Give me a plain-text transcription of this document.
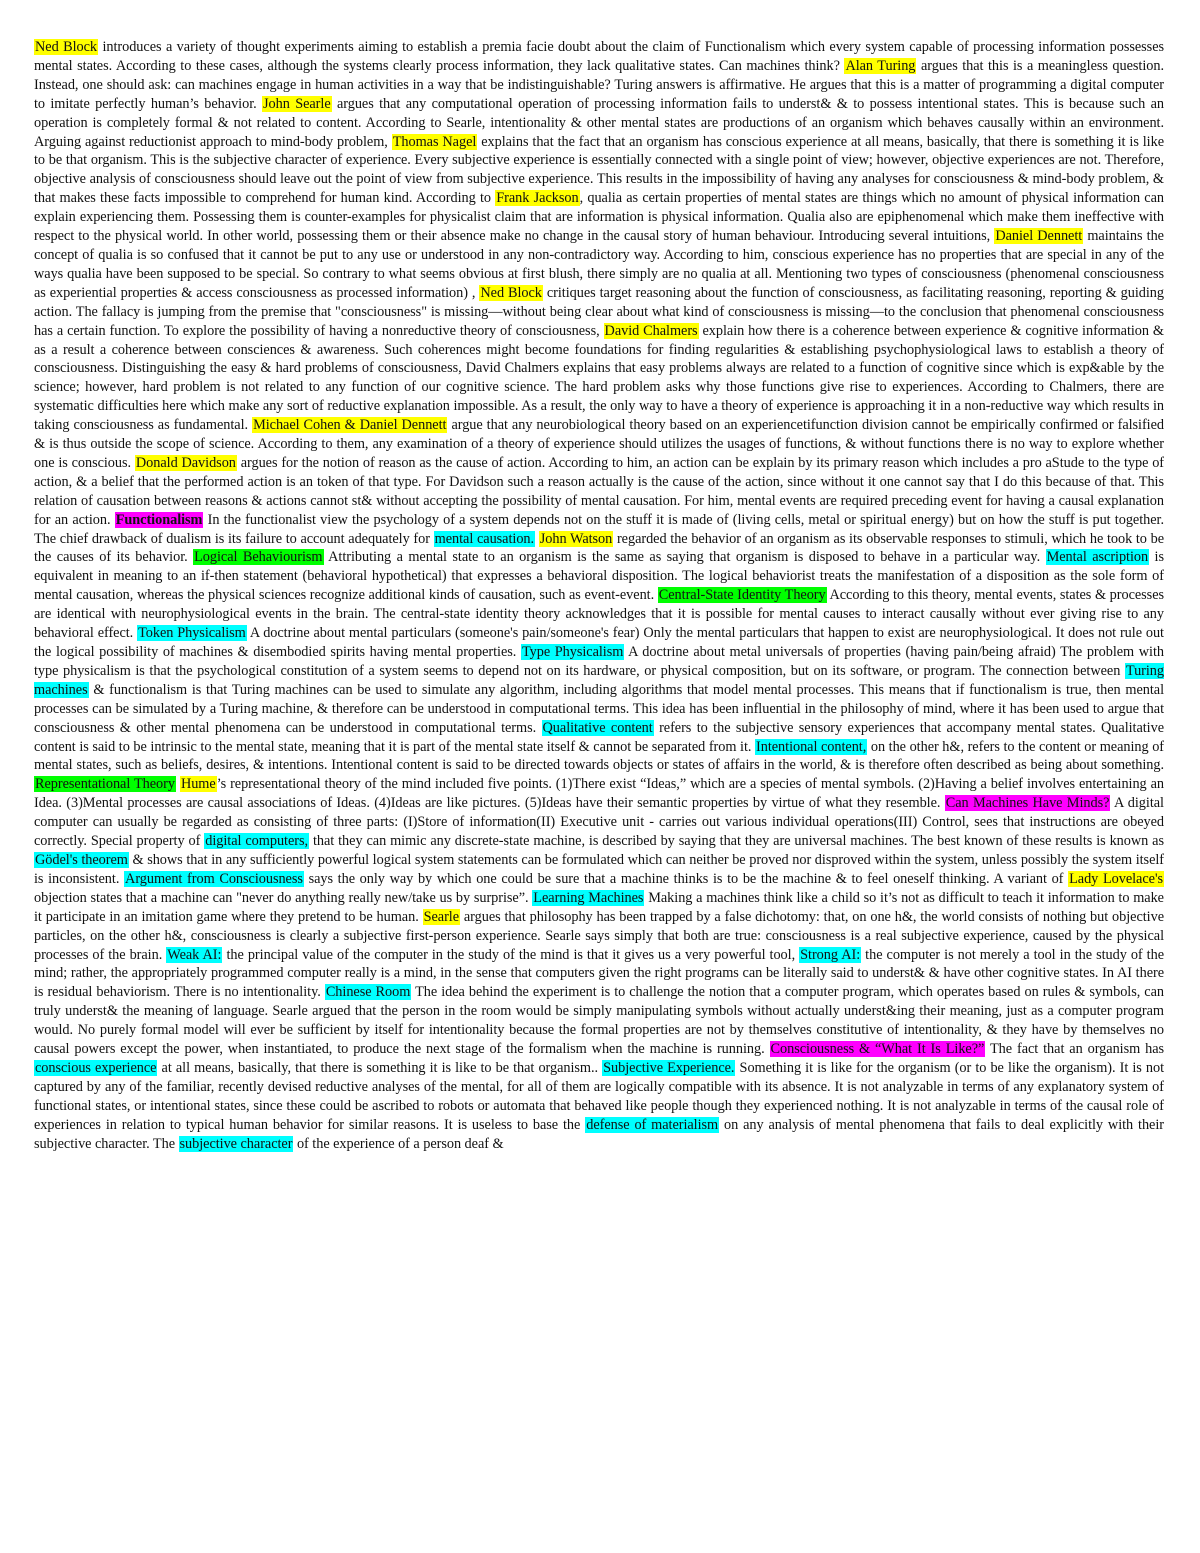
Ned Block introduces a variety of thought experiments aiming to establish a premia facie doubt about the claim of Functionalism which every system capable of processing information possesses mental states. According to these cases, although the systems clearly process information, they lack qualitative states. Can machines think? Alan Turing argues that this is a meaningless question. Instead, one should ask: can machines engage in human activities in a way that be indistinguishable? Turing answers is affirmative. He argues that this is a matter of programming a digital computer to imitate perfectly human’s behavior. John Searle argues that any computational operation of processing information fails to underst& & to possess intentional states. This is because such an operation is completely formal & not related to content. According to Searle, intentionality & other mental states are productions of an organism which behaves causally within an environment. Arguing against reductionist approach to mind-body problem, Thomas Nagel explains that the fact that an organism has conscious experience at all means, basically, that there is something it is like to be that organism. This is the subjective character of experience. Every subjective experience is essentially connected with a single point of view; however, objective experiences are not. Therefore, objective analysis of consciousness should leave out the point of view from subjective experience. This results in the impossibility of having any analyses for consciousness & mind-body problem, & that makes these facts impossible to comprehend for human kind. According to Frank Jackson, qualia as certain properties of mental states are things which no amount of physical information can explain experiencing them. Possessing them is counter-examples for physicalist claim that are information is physical information. Qualia also are epiphenomenal which make them ineffective with respect to the physical world. In other world, possessing them or their absence make no change in the causal story of human behaviour. Introducing several intuitions, Daniel Dennett maintains the concept of qualia is so confused that it cannot be put to any use or understood in any non-contradictory way. According to him, conscious experience has no properties that are special in any of the ways qualia have been supposed to be special. So contrary to what seems obvious at first blush, there simply are no qualia at all. Mentioning two types of consciousness (phenomenal consciousness as experiential properties & access consciousness as processed information) , Ned Block critiques target reasoning about the function of consciousness, as facilitating reasoning, reporting & guiding action. The fallacy is jumping from the premise that "consciousness" is missing—without being clear about what kind of consciousness is missing—to the conclusion that phenomenal consciousness has a certain function. To explore the possibility of having a nonreductive theory of consciousness, David Chalmers explain how there is a coherence between experience & cognitive information & as a result a coherence between consciences & awareness. Such coherences might become foundations for finding regularities & establishing psychophysiological laws to establish a theory of consciousness. Distinguishing the easy & hard problems of consciousness, David Chalmers explains that easy problems always are related to a function of cognitive since which is exp&able by the science; however, hard problem is not related to any function of our cognitive science. The hard problem asks why those functions give rise to experiences. According to Chalmers, there are systematic difficulties here which make any sort of reductive explanation impossible. As a result, the only way to have a theory of experience is approaching it in a non-reductive way which results in taking consciousness as fundamental. Michael Cohen & Daniel Dennett argue that any neurobiological theory based on an experiencetifunction division cannot be empirically confirmed or falsified & is thus outside the scope of science. According to them, any examination of a theory of experience should utilizes the usages of functions, & without functions there is no way to explore whether one is conscious. Donald Davidson argues for the notion of reason as the cause of action. According to him, an action can be explain by its primary reason which includes a pro aStude to the type of action, & a belief that the performed action is an token of that type. For Davidson such a reason actually is the cause of the action, since without it one cannot say that I do this because of that. This relation of causation between reasons & actions cannot st& without accepting the possibility of mental causation. For him, mental events are required preceding event for having a causal explanation for an action. Functionalism In the functionalist view the psychology of a system depends not on the stuff it is made of (living cells, metal or spiritual energy) but on how the stuff is put together. The chief drawback of dualism is its failure to account adequately for mental causation. John Watson regarded the behavior of an organism as its observable responses to stimuli, which he took to be the causes of its behavior. Logical Behaviourism Attributing a mental state to an organism is the same as saying that organism is disposed to behave in a particular way. Mental ascription is equivalent in meaning to an if-then statement (behavioral hypothetical) that expresses a behavioral disposition. The logical behaviorist treats the manifestation of a disposition as the sole form of mental causation, whereas the physical sciences recognize additional kinds of causation, such as event-event. Central-State Identity Theory According to this theory, mental events, states & processes are identical with neurophysiological events in the brain. The central-state identity theory acknowledges that it is possible for mental causes to interact causally without ever giving rise to any behavioral effect. Token Physicalism A doctrine about mental particulars (someone's pain/someone's fear) Only the mental particulars that happen to exist are neurophysiological. It does not rule out the logical possibility of machines & disembodied spirits having mental properties. Type Physicalism A doctrine about metal universals of properties (having pain/being afraid) The problem with type physicalism is that the psychological constitution of a system seems to depend not on its hardware, or physical composition, but on its software, or program. The connection between Turing machines & functionalism is that Turing machines can be used to simulate any algorithm, including algorithms that model mental processes. This means that if functionalism is true, then mental processes can be simulated by a Turing machine, & therefore can be understood in computational terms. This idea has been influential in the philosophy of mind, where it has been used to argue that consciousness & other mental phenomena can be understood in computational terms. Qualitative content refers to the subjective sensory experiences that accompany mental states. Qualitative content is said to be intrinsic to the mental state, meaning that it is part of the mental state itself & cannot be separated from it. Intentional content, on the other h&, refers to the content or meaning of mental states, such as beliefs, desires, & intentions. Intentional content is said to be directed towards objects or states of affairs in the world, & is therefore often described as being about something. Representational Theory Hume’s representational theory of the mind included five points. (1)There exist “Ideas,” which are a species of mental symbols. (2)Having a belief involves entertaining an Idea. (3)Mental processes are causal associations of Ideas. (4)Ideas are like pictures. (5)Ideas have their semantic properties by virtue of what they resemble. Can Machines Have Minds? A digital computer can usually be regarded as consisting of three parts: (I)Store of information(II) Executive unit - carries out various individual operations(III) Control, sees that instructions are obeyed correctly. Special property of digital computers, that they can mimic any discrete-state machine, is described by saying that they are universal machines. The best known of these results is known as Gödel's theorem & shows that in any sufficiently powerful logical system statements can be formulated which can neither be proved nor disproved within the system, unless possibly the system itself is inconsistent. Argument from Consciousness says the only way by which one could be sure that a machine thinks is to be the machine & to feel oneself thinking. A variant of Lady Lovelace's objection states that a machine can "never do anything really new/take us by surprise”. Learning Machines Making a machines think like a child so it’s not as difficult to teach it information to make it participate in an imitation game where they pretend to be human. Searle argues that philosophy has been trapped by a false dichotomy: that, on one h&, the world consists of nothing but objective particles, on the other h&, consciousness is clearly a subjective first-person experience. Searle says simply that both are true: consciousness is a real subjective experience, caused by the physical processes of the brain. Weak AI: the principal value of the computer in the study of the mind is that it gives us a very powerful tool, Strong AI: the computer is not merely a tool in the study of the mind; rather, the appropriately programmed computer really is a mind, in the sense that computers given the right programs can be literally said to underst& & have other cognitive states. In AI there is residual behaviorism. There is no intentionality. Chinese Room The idea behind the experiment is to challenge the notion that a computer program, which operates based on rules & symbols, can truly underst& the meaning of language. Searle argued that the person in the room would be simply manipulating symbols without actually underst&ing their meaning, just as a computer program would. No purely formal model will ever be sufficient by itself for intentionality because the formal properties are not by themselves constitutive of intentionality, & they have by themselves no causal powers except the power, when instantiated, to produce the next stage of the formalism when the machine is running. Consciousness & “What It Is Like?” The fact that an organism has conscious experience at all means, basically, that there is something it is like to be that organism.. Subjective Experience. Something it is like for the organism (or to be like the organism). It is not captured by any of the familiar, recently devised reductive analyses of the mental, for all of them are logically compatible with its absence. It is not analyzable in terms of any explanatory system of functional states, or intentional states, since these could be ascribed to robots or automata that behaved like people though they experienced nothing. It is not analyzable in terms of the causal role of experiences in relation to typical human behavior for similar reasons. It is useless to base the defense of materialism on any analysis of mental phenomena that fails to deal explicitly with their subjective character. The subjective character of the experience of a person deaf &
